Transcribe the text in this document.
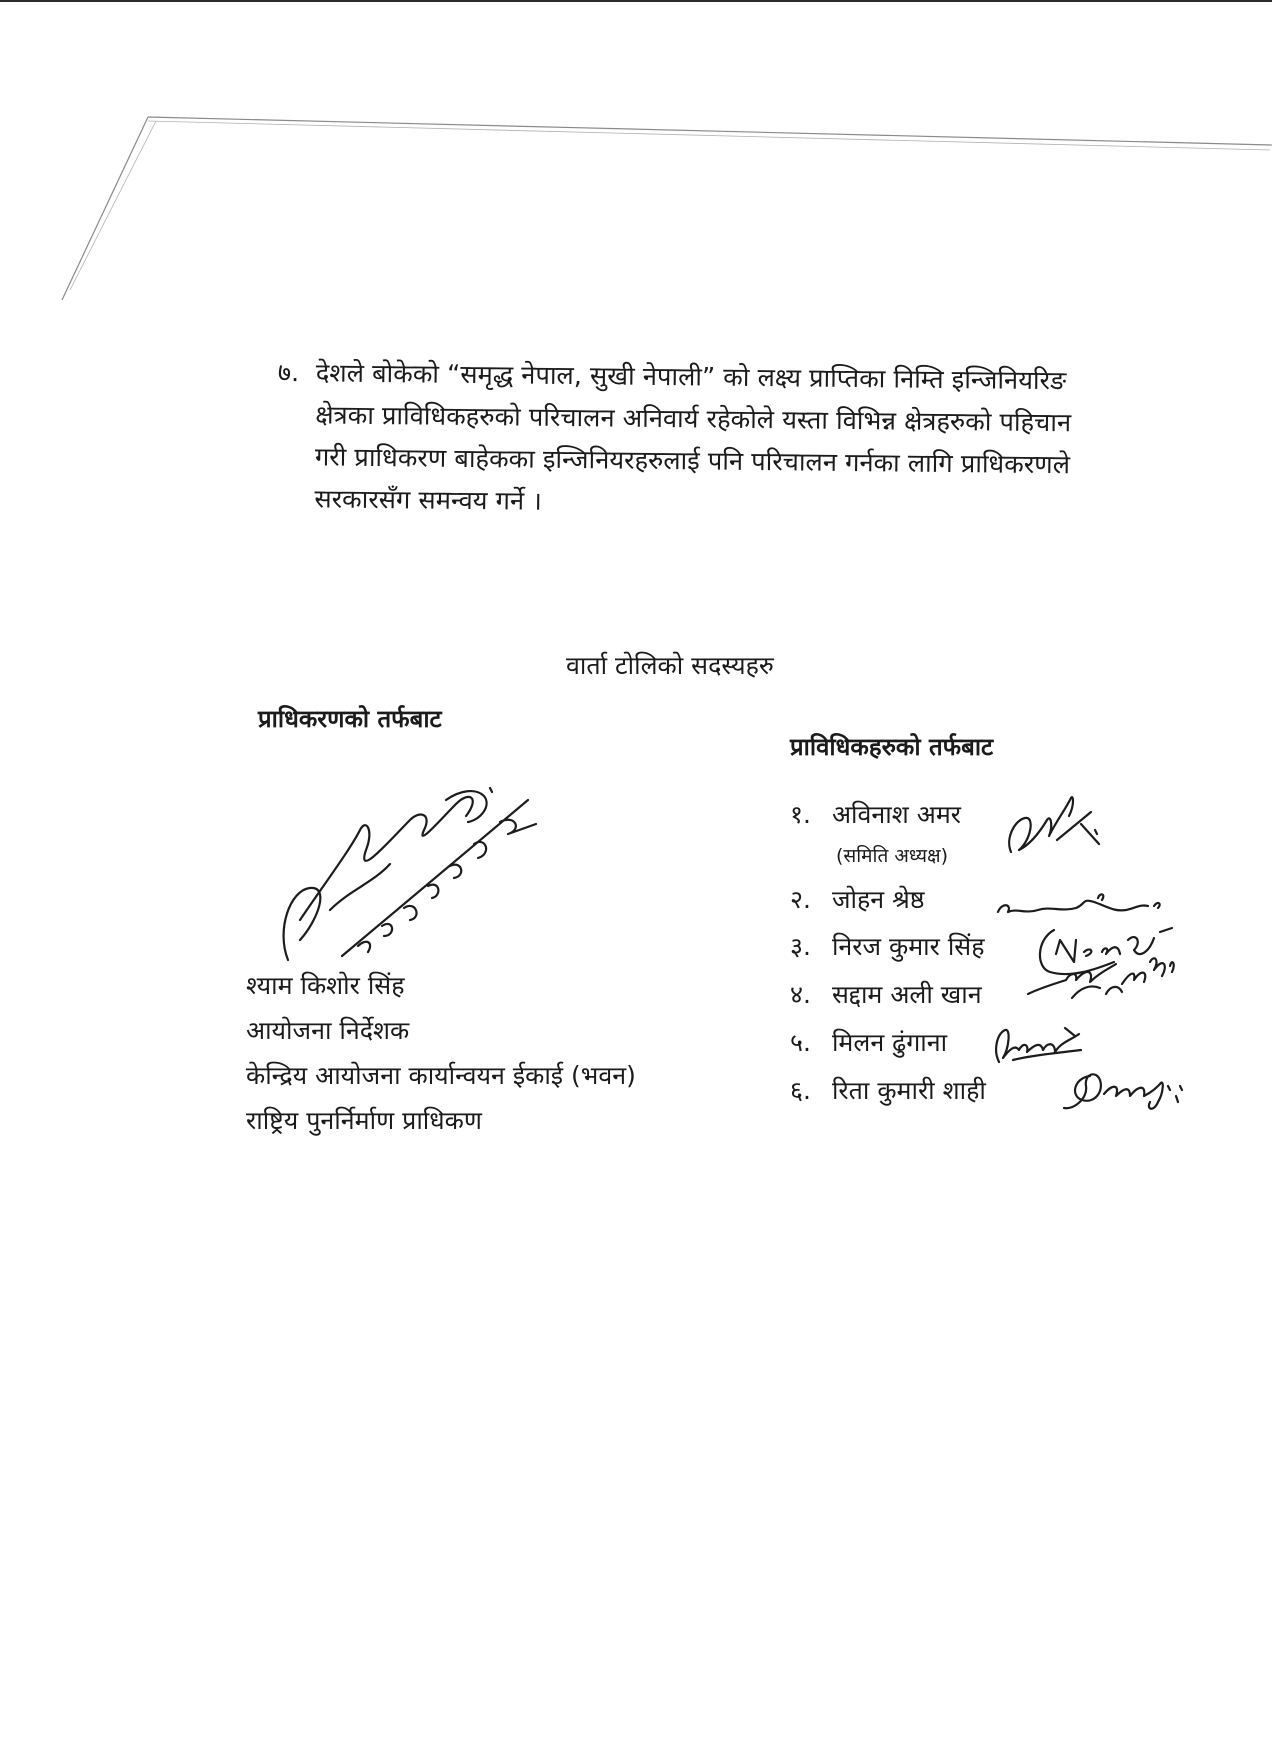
७. देशले बोकेको “समृद्ध नेपाल, सुखी नेपाली” को लक्ष्य प्राप्तिका निम्ति इन्जिनियरिङ
क्षेत्रका प्राविधिकहरुको परिचालन अनिवार्य रहेकोले यस्ता विभिन्न क्षेत्रहरुको पहिचान
गरी प्राधिकरण बाहेकका इन्जिनियरहरुलाई पनि परिचालन गर्नका लागि प्राधिकरणले
सरकारसँग समन्वय गर्ने ।
वार्ता टोलिको सदस्यहरु
प्राधिकरणको तर्फबाट
प्राविधिकहरुको तर्फबाट
श्याम किशोर सिंह
आयोजना निर्देशक
केन्द्रिय आयोजना कार्यान्वयन ईकाई (भवन)
राष्ट्रिय पुनर्निर्माण प्राधिकण
१. अविनाश अमर
(समिति अध्यक्ष)
२. जोहन श्रेष्ठ
३. निरज कुमार सिंह
४. सद्दाम अली खान
५. मिलन ढुंगाना
६. रिता कुमारी शाही
